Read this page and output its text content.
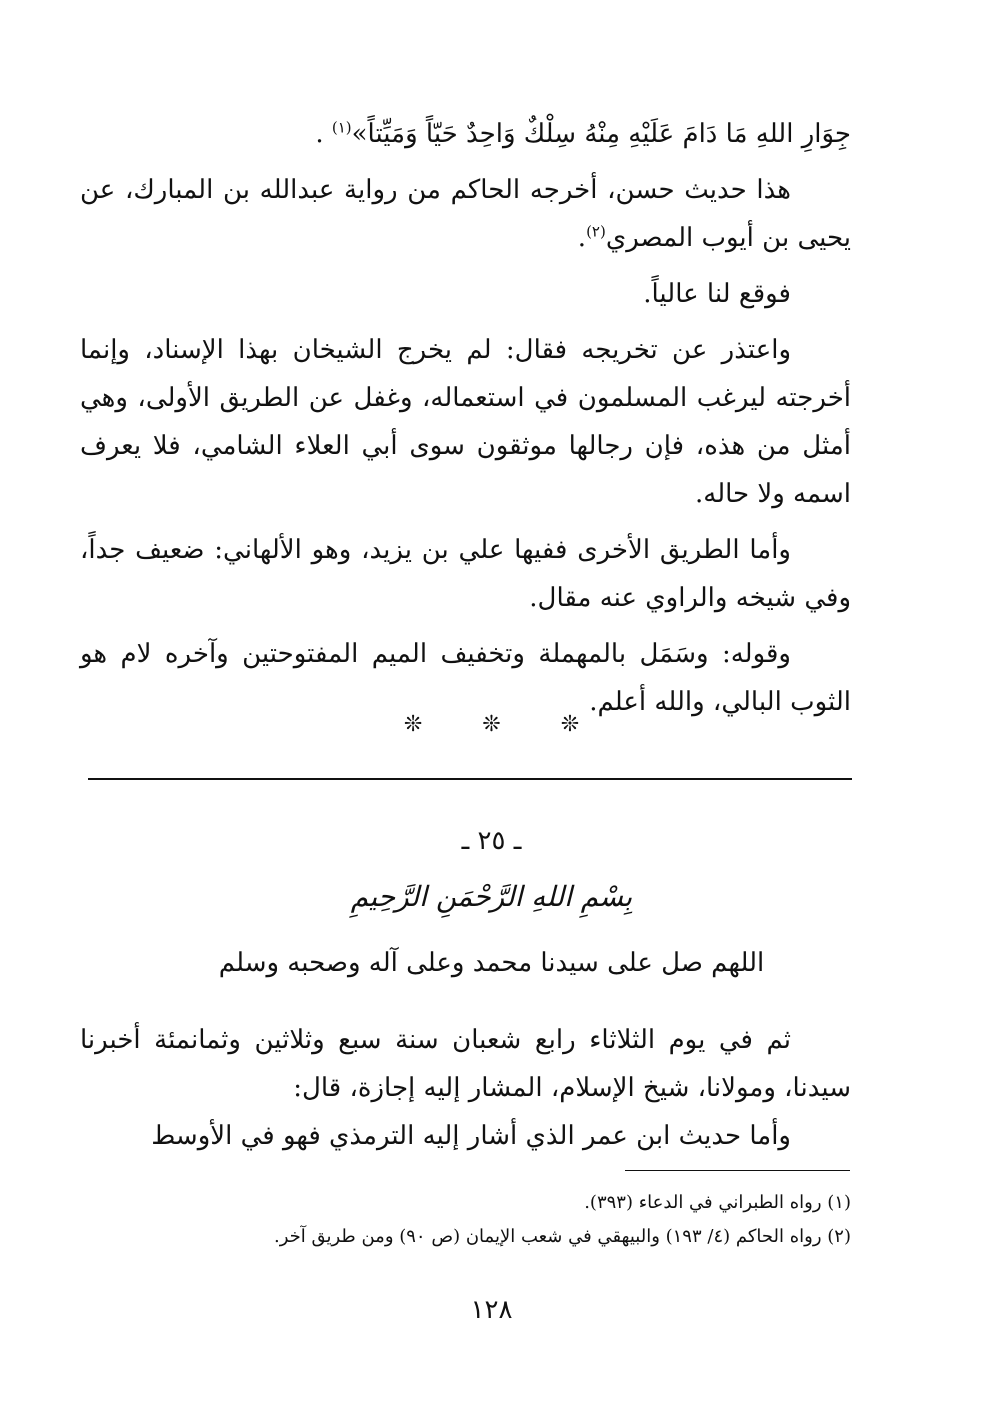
جِوَارِ اللهِ مَا دَامَ عَلَيْهِ مِنْهُ سِلْكٌ وَاحِدٌ حَيّاً وَمَيِّتاً»$^{(١)}$ .

هذا حديث حسن، أخرجه الحاكم من رواية عبدالله بن المبارك، عن يحيى بن أيوب المصري$^{(٢)}$.

فوقع لنا عالياً.

واعتذر عن تخريجه فقال: لم يخرج الشيخان بهذا الإسناد، وإنما أخرجته ليرغب المسلمون في استعماله، وغفل عن الطريق الأولى، وهي أمثل من هذه، فإن رجالها موثقون سوى أبي العلاء الشامي، فلا يعرف اسمه ولا حاله.

وأما الطريق الأخرى ففيها علي بن يزيد، وهو الألهاني: ضعيف جداً، وفي شيخه والراوي عنه مقال.

وقوله: وسَمَل بالمهملة وتخفيف الميم المفتوحتين وآخره لام هو الثوب البالي، والله أعلم.

❊	❊	❊
ـ ٢٥ ـ
بِسْمِ اللهِ الرَّحْمَنِ الرَّحِيمِ
اللهم صل على سيدنا محمد وعلى آله وصحبه وسلم

ثم في يوم الثلاثاء رابع شعبان سنة سبع وثلاثين وثمانمئة أخبرنا سيدنا، ومولانا، شيخ الإسلام، المشار إليه إجازة، قال:

وأما حديث ابن عمر الذي أشار إليه الترمذي فهو في الأوسط

(١) رواه الطبراني في الدعاء (٣٩٣).

(٢) رواه الحاكم (٤/ ١٩٣) والبيهقي في شعب الإيمان (ص ٩٠) ومن طريق آخر.

١٢٨
